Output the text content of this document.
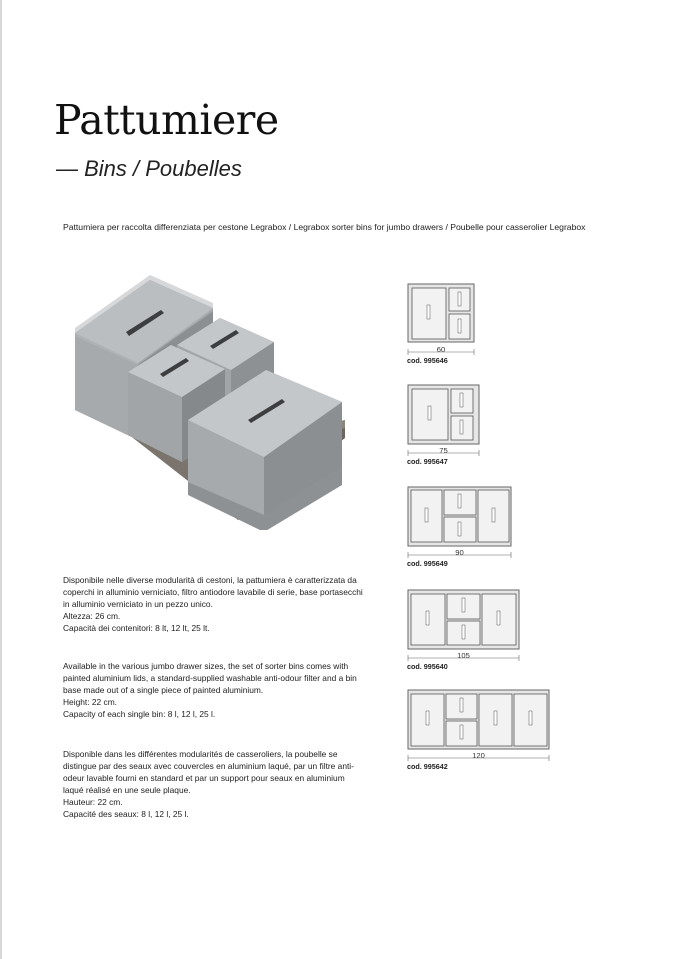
Pattumiere
— Bins / Poubelles
Pattumiera per raccolta differenziata per cestone Legrabox / Legrabox sorter bins for jumbo drawers / Poubelle pour casserolier Legrabox

Disponibile nelle diverse modularità di cestoni, la pattumiera è caratterizzata da coperchi in alluminio verniciato, filtro antiodore lavabile di serie, base portasecchi in alluminio verniciato in un pezzo unico.

Altezza: 26 cm.

Capacità dei contenitori: 8 lt, 12 lt, 25 lt.

Available in the various jumbo drawer sizes, the set of sorter bins comes with painted aluminium lids, a standard-supplied washable anti-odour filter and a bin base made out of a single piece of painted aluminium.

Height: 22 cm.

Capacity of each single bin: 8 l, 12 l, 25 l.

Disponible dans les différentes modularités de casseroliers, la poubelle se distingue par des seaux avec couvercles en aluminium laqué, par un filtre anti-odeur lavable fourni en standard et par un support pour seaux en aluminium laqué réalisé en une seule plaque.

Hauteur: 22 cm.

Capacité des seaux: 8 l, 12 l, 25 l.

60
cod. 995646
75
cod. 995647
90
cod. 995649
105
cod. 995640
120
cod. 995642
